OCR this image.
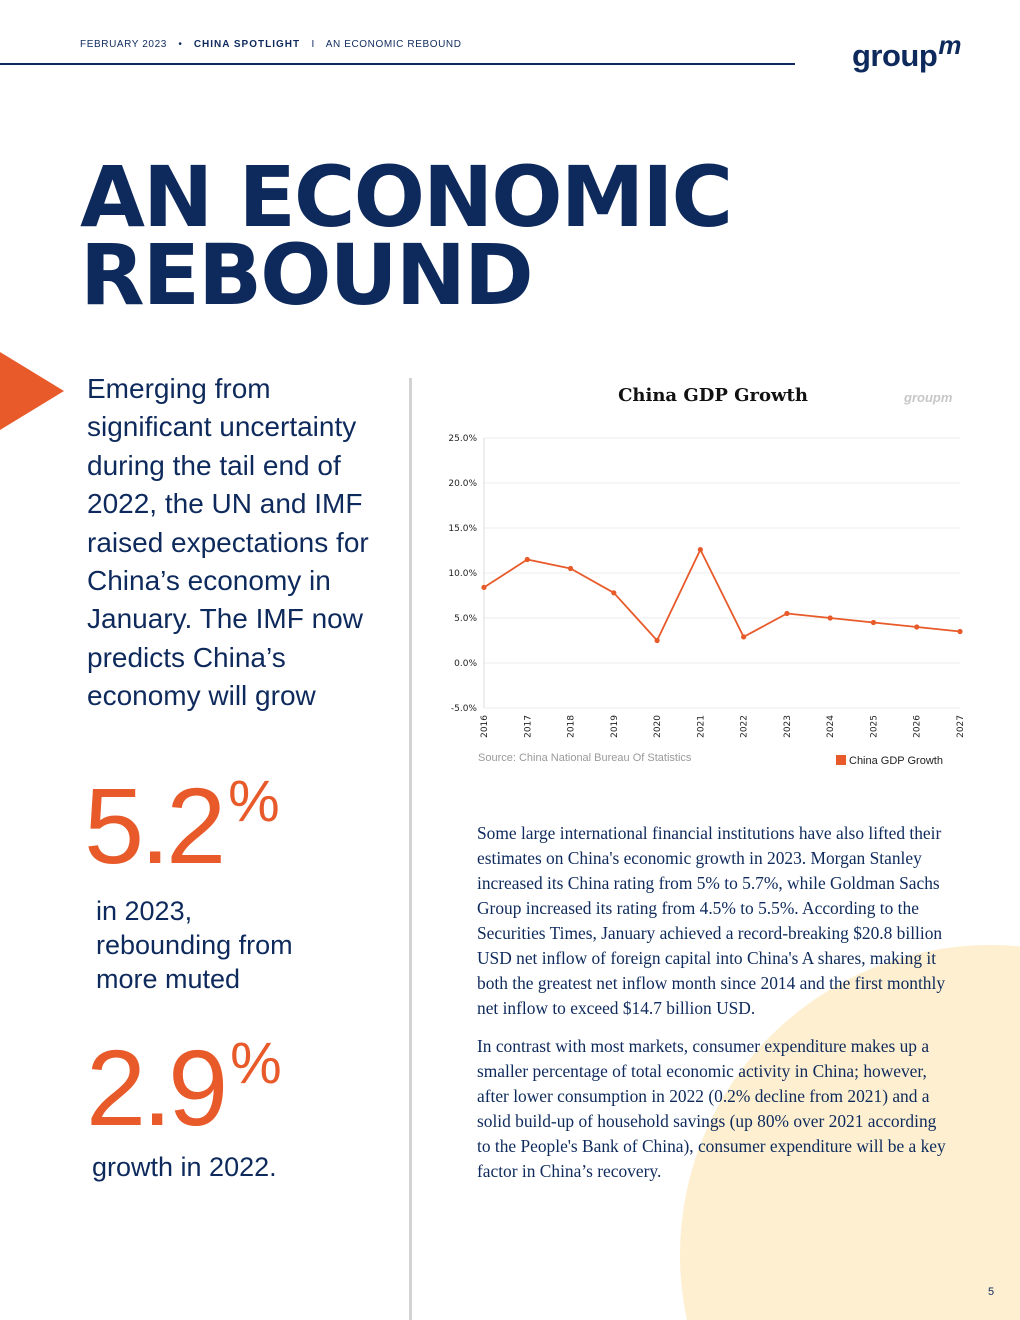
FEBRUARY 2023 • CHINA SPOTLIGHT I AN ECONOMIC REBOUND	group$^m$
AN ECONOMIC
REBOUND

Emerging from significant uncertainty during the tail end of 2022, the UN and IMF raised expectations for China’s economy in January. The IMF now predicts China’s economy will grow

5.2 %

in 2023, rebounding from more muted

2.9 %

growth in 2022.

China GDP Growth	groupm
25.0%
20.0%
15.0%
10.0%
5.0%
0.0%
-5.0%
2016	2017	2018	2019	2020	2021	2022	2023	2024	2025	2026	2027
Source: China National Bureau Of Statistics	China GDP Growth

Some large international financial institutions have also lifted their estimates on China's economic growth in 2023. Morgan Stanley increased its China rating from 5% to 5.7%, while Goldman Sachs Group increased its rating from 4.5% to 5.5%. According to the Securities Times, January achieved a record-breaking $20.8 billion USD net inflow of foreign capital into China's A shares, making it both the greatest net inflow month since 2014 and the first monthly net inflow to exceed $14.7 billion USD.

In contrast with most markets, consumer expenditure makes up a smaller percentage of total economic activity in China; however, after lower consumption in 2022 (0.2% decline from 2021) and a solid build-up of household savings (up 80% over 2021 according to the People's Bank of China), consumer expenditure will be a key factor in China’s recovery.

5
